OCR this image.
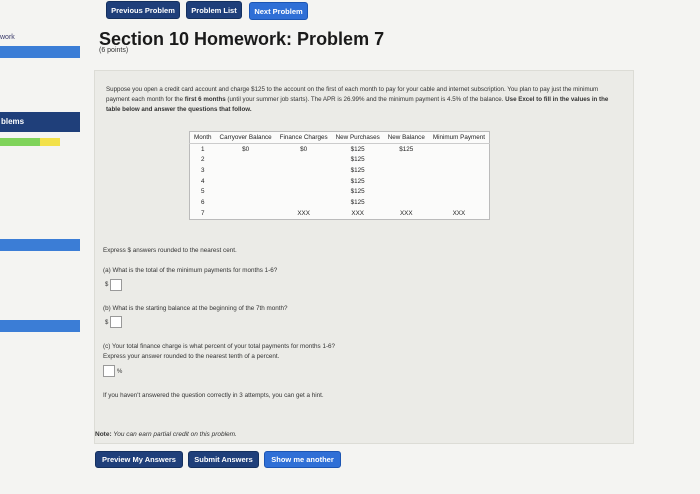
Previous Problem	Problem List	Next Problem
work
blems
Section 10 Homework: Problem 7
(6 points)
Suppose you open a credit card account and charge $125 to the account on the first of each month to pay for your cable and internet subscription. You plan to pay just the minimum payment each month for the first 6 months (until your summer job starts). The APR is 26.99% and the minimum payment is 4.5% of the balance. Use Excel to fill in the values in the table below and answer the questions that follow.
Month	Carryover Balance	Finance Charges	New Purchases	New Balance	Minimum Payment
1	$0	$0	$125	$125	
2			$125		
3			$125		
4			$125		
5			$125		
6			$125		
7		XXX	XXX	XXX	XXX
Express $ answers rounded to the nearest cent.
(a) What is the total of the minimum payments for months 1-6?
$
(b) What is the starting balance at the beginning of the 7th month?
$
(c) Your total finance charge is what percent of your total payments for months 1-6?
Express your answer rounded to the nearest tenth of a percent.
%
If you haven't answered the question correctly in 3 attempts, you can get a hint.
Note: You can earn partial credit on this problem.
Preview My Answers	Submit Answers	Show me another
